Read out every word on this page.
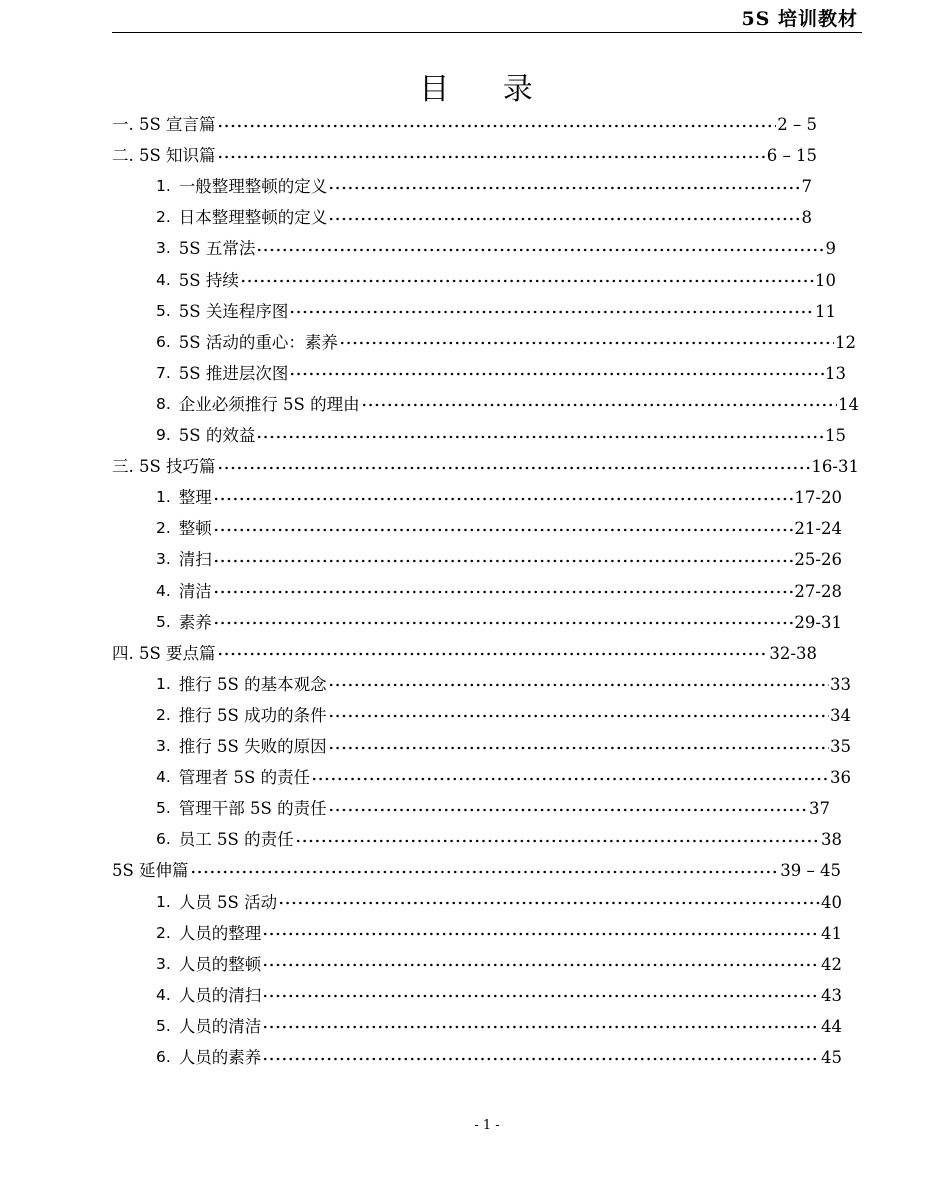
5S 培训教材
目 录
一. 5S 宣言篇	2 – 5
二. 5S 知识篇	6 – 15
1. 一般整理整顿的定义	7
2. 日本整理整顿的定义	8
3. 5S 五常法	9
4. 5S 持续	10
5. 5S 关连程序图	11
6. 5S 活动的重心：素养	12
7. 5S 推进层次图	13
8. 企业必须推行 5S 的理由	14
9. 5S 的效益	15
三. 5S 技巧篇	16-31
1. 整理	17-20
2. 整顿	21-24
3. 清扫	25-26
4. 清洁	27-28
5. 素养	29-31
四. 5S 要点篇	32-38
1. 推行 5S 的基本观念	33
2. 推行 5S 成功的条件	34
3. 推行 5S 失败的原因	35
4. 管理者 5S 的责任	36
5. 管理干部 5S 的责任	37
6. 员工 5S 的责任	38
5S 延伸篇	39 – 45
1. 人员 5S 活动	40
2. 人员的整理	41
3. 人员的整顿	42
4. 人员的清扫	43
5. 人员的清洁	44
6. 人员的素养	45
- 1 -
